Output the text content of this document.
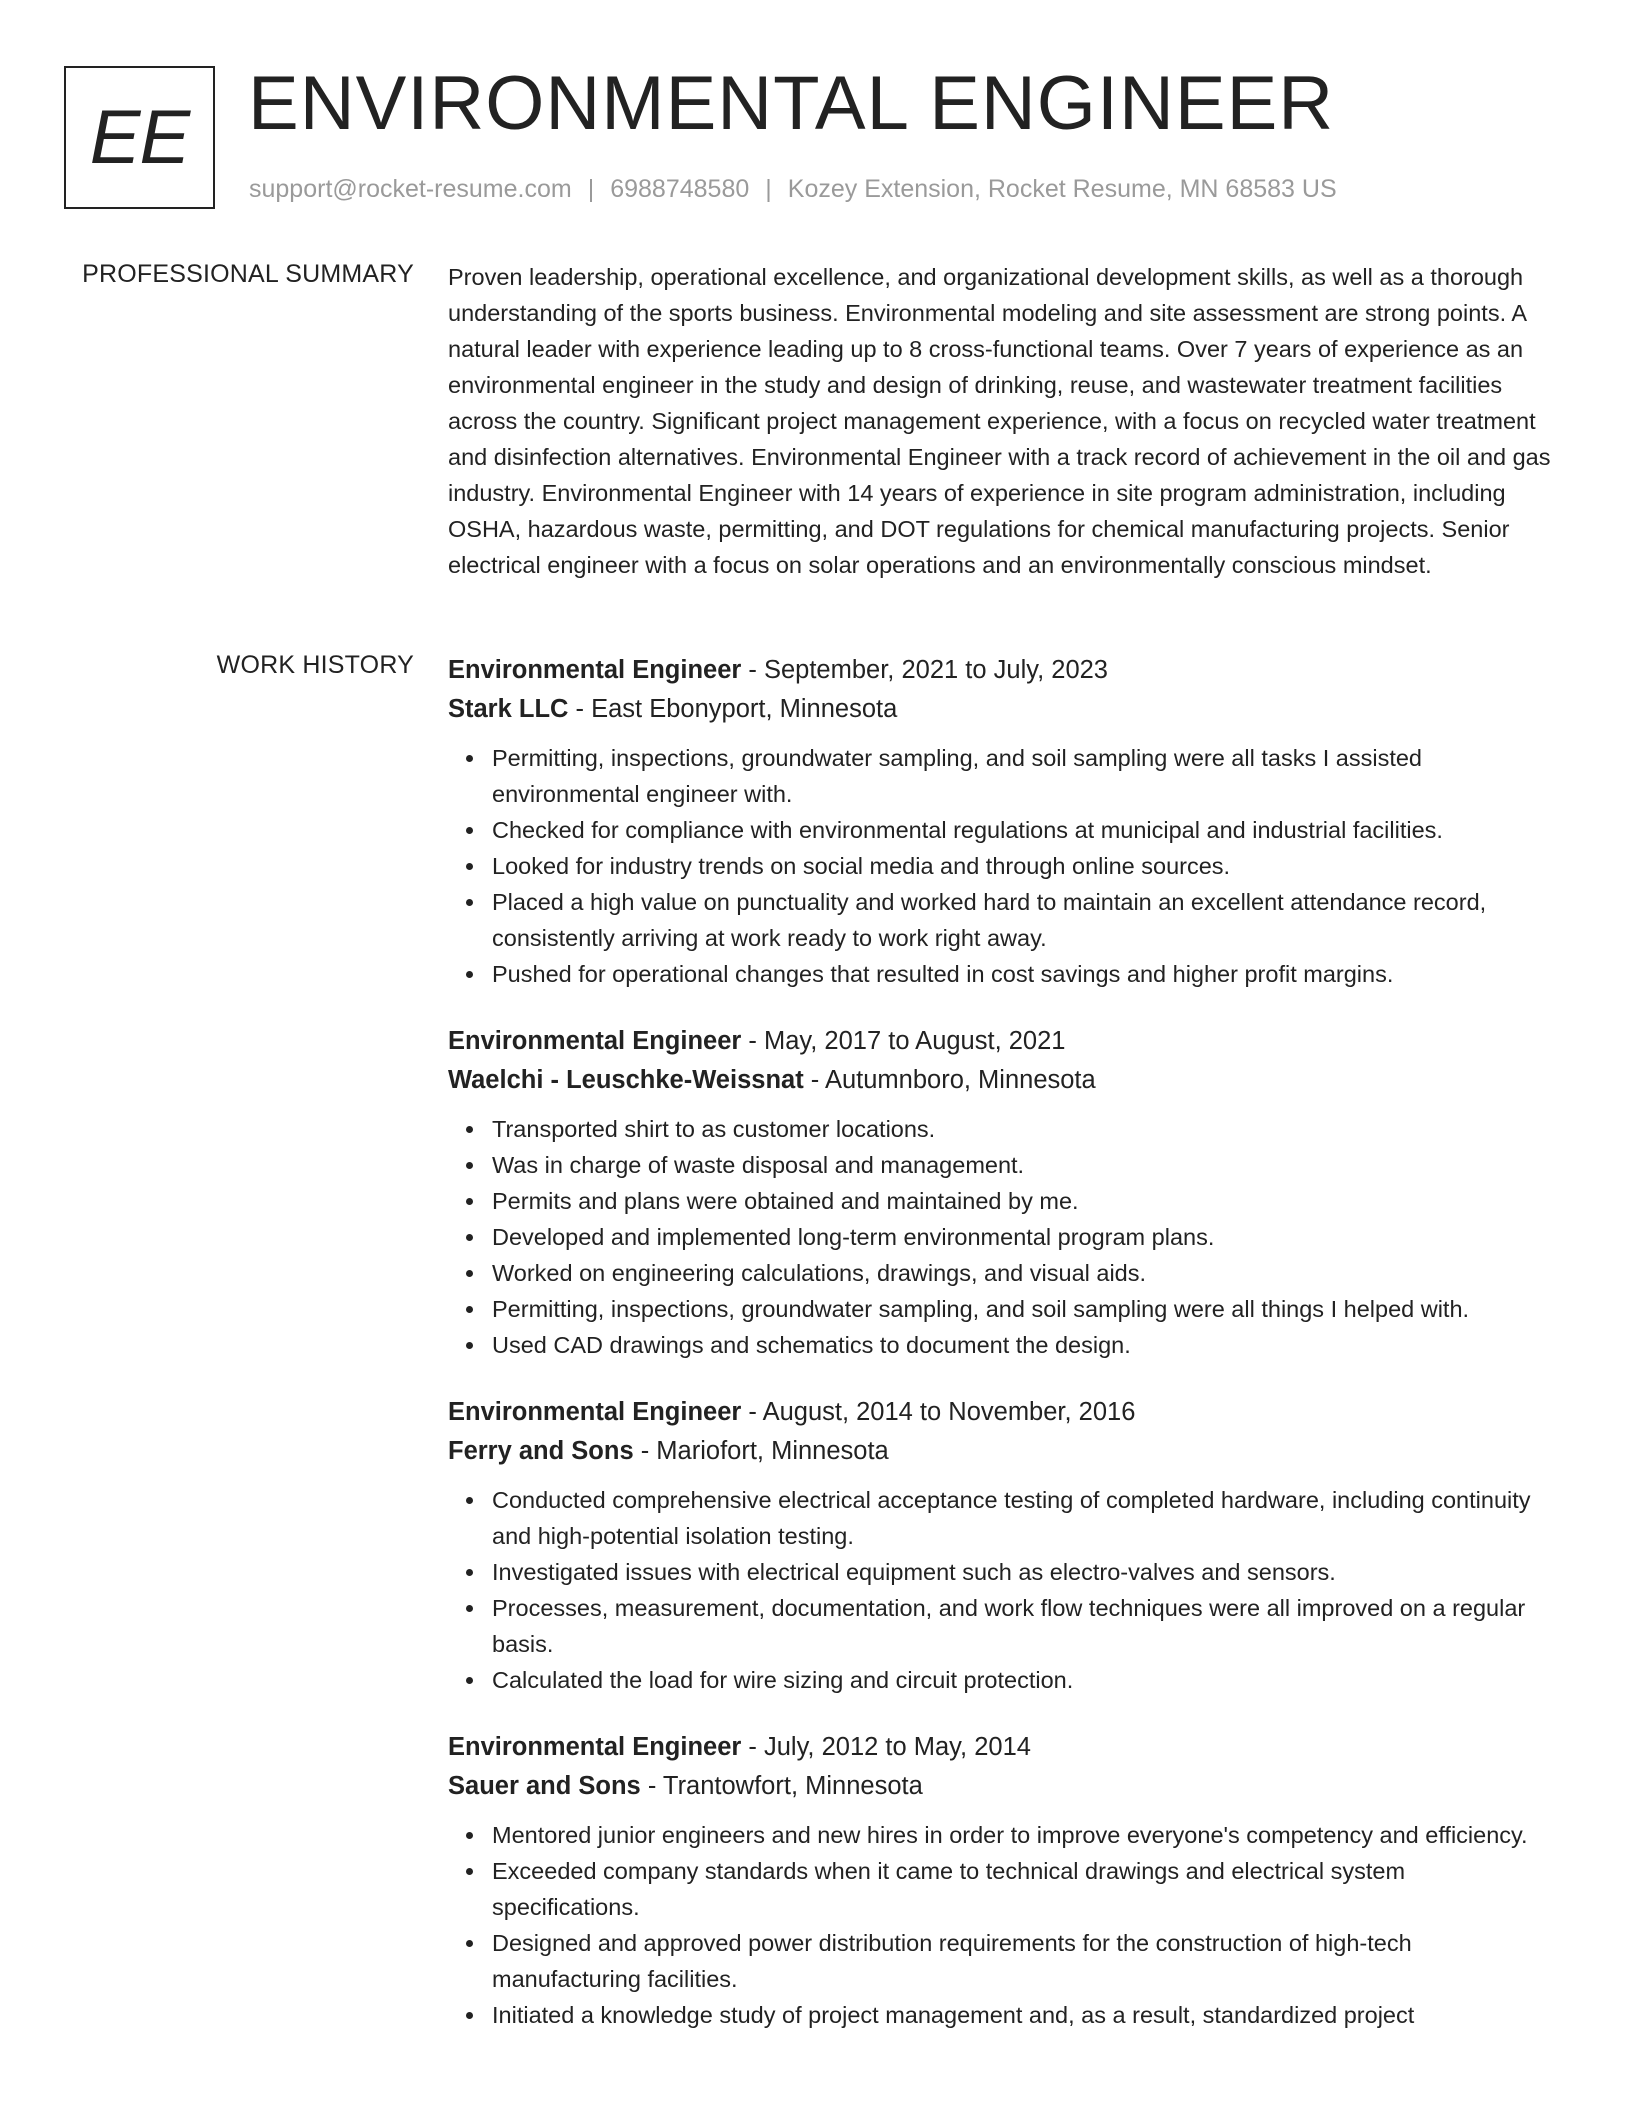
EE ENVIRONMENTAL ENGINEER
support@rocket-resume.com | 6988748580 | Kozey Extension, Rocket Resume, MN 68583 US
PROFESSIONAL SUMMARY Proven leadership, operational excellence, and organizational development skills, as well as a thorough understanding of the sports business. Environmental modeling and site assessment are strong points. A natural leader with experience leading up to 8 cross-functional teams. Over 7 years of experience as an environmental engineer in the study and design of drinking, reuse, and wastewater treatment facilities across the country. Significant project management experience, with a focus on recycled water treatment and disinfection alternatives. Environmental Engineer with a track record of achievement in the oil and gas industry. Environmental Engineer with 14 years of experience in site program administration, including OSHA, hazardous waste, permitting, and DOT regulations for chemical manufacturing projects. Senior electrical engineer with a focus on solar operations and an environmentally conscious mindset.
WORK HISTORY Environmental Engineer - September, 2021 to July, 2023
Stark LLC - East Ebonyport, Minnesota
Permitting, inspections, groundwater sampling, and soil sampling were all tasks I assisted environmental engineer with.
Checked for compliance with environmental regulations at municipal and industrial facilities.
Looked for industry trends on social media and through online sources.
Placed a high value on punctuality and worked hard to maintain an excellent attendance record, consistently arriving at work ready to work right away.
Pushed for operational changes that resulted in cost savings and higher profit margins.
Environmental Engineer - May, 2017 to August, 2021
Waelchi - Leuschke-Weissnat - Autumnboro, Minnesota
Transported shirt to as customer locations.
Was in charge of waste disposal and management.
Permits and plans were obtained and maintained by me.
Developed and implemented long-term environmental program plans.
Worked on engineering calculations, drawings, and visual aids.
Permitting, inspections, groundwater sampling, and soil sampling were all things I helped with.
Used CAD drawings and schematics to document the design.
Environmental Engineer - August, 2014 to November, 2016
Ferry and Sons - Mariofort, Minnesota
Conducted comprehensive electrical acceptance testing of completed hardware, including continuity and high-potential isolation testing.
Investigated issues with electrical equipment such as electro-valves and sensors.
Processes, measurement, documentation, and work flow techniques were all improved on a regular basis.
Calculated the load for wire sizing and circuit protection.
Environmental Engineer - July, 2012 to May, 2014
Sauer and Sons - Trantowfort, Minnesota
Mentored junior engineers and new hires in order to improve everyone's competency and efficiency.
Exceeded company standards when it came to technical drawings and electrical system specifications.
Designed and approved power distribution requirements for the construction of high-tech manufacturing facilities.
Initiated a knowledge study of project management and, as a result, standardized project
